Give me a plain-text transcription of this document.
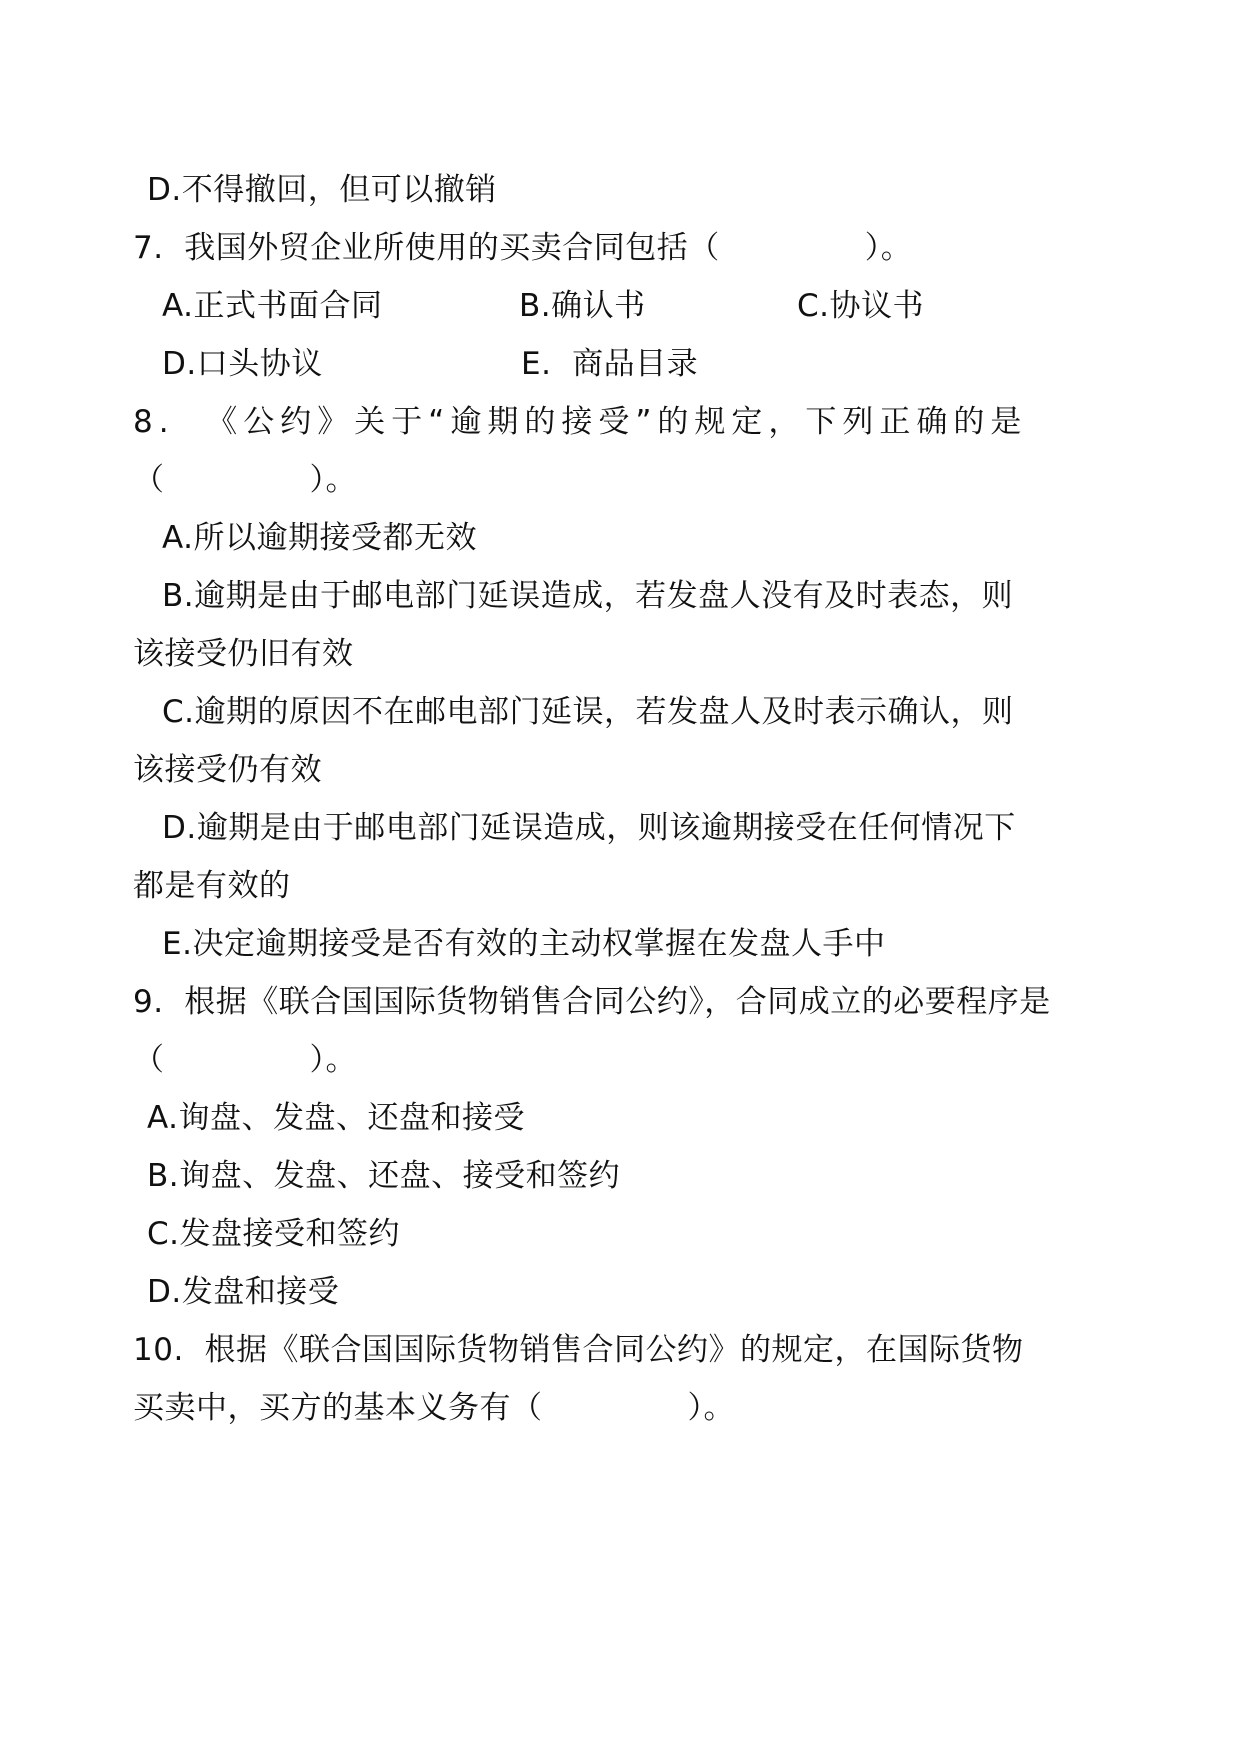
D.不得撤回，但可以撤销
7.  我国外贸企业所使用的买卖合同包括（              ）。
A.正式书面合同	B.确认书	C.协议书
D.口头协议	E.  商品目录
8.  《公约》关于“逾期的接受”的规定，下列正确的是
（              ）。
A.所以逾期接受都无效
B.逾期是由于邮电部门延误造成，若发盘人没有及时表态，则
该接受仍旧有效
C.逾期的原因不在邮电部门延误，若发盘人及时表示确认，则
该接受仍有效
D.逾期是由于邮电部门延误造成，则该逾期接受在任何情况下
都是有效的
E.决定逾期接受是否有效的主动权掌握在发盘人手中
9.  根据《联合国国际货物销售合同公约》，合同成立的必要程序是
（              ）。
A.询盘、发盘、还盘和接受
B.询盘、发盘、还盘、接受和签约
C.发盘接受和签约
D.发盘和接受
10.  根据《联合国国际货物销售合同公约》的规定，在国际货物
买卖中，买方的基本义务有（              ）。
